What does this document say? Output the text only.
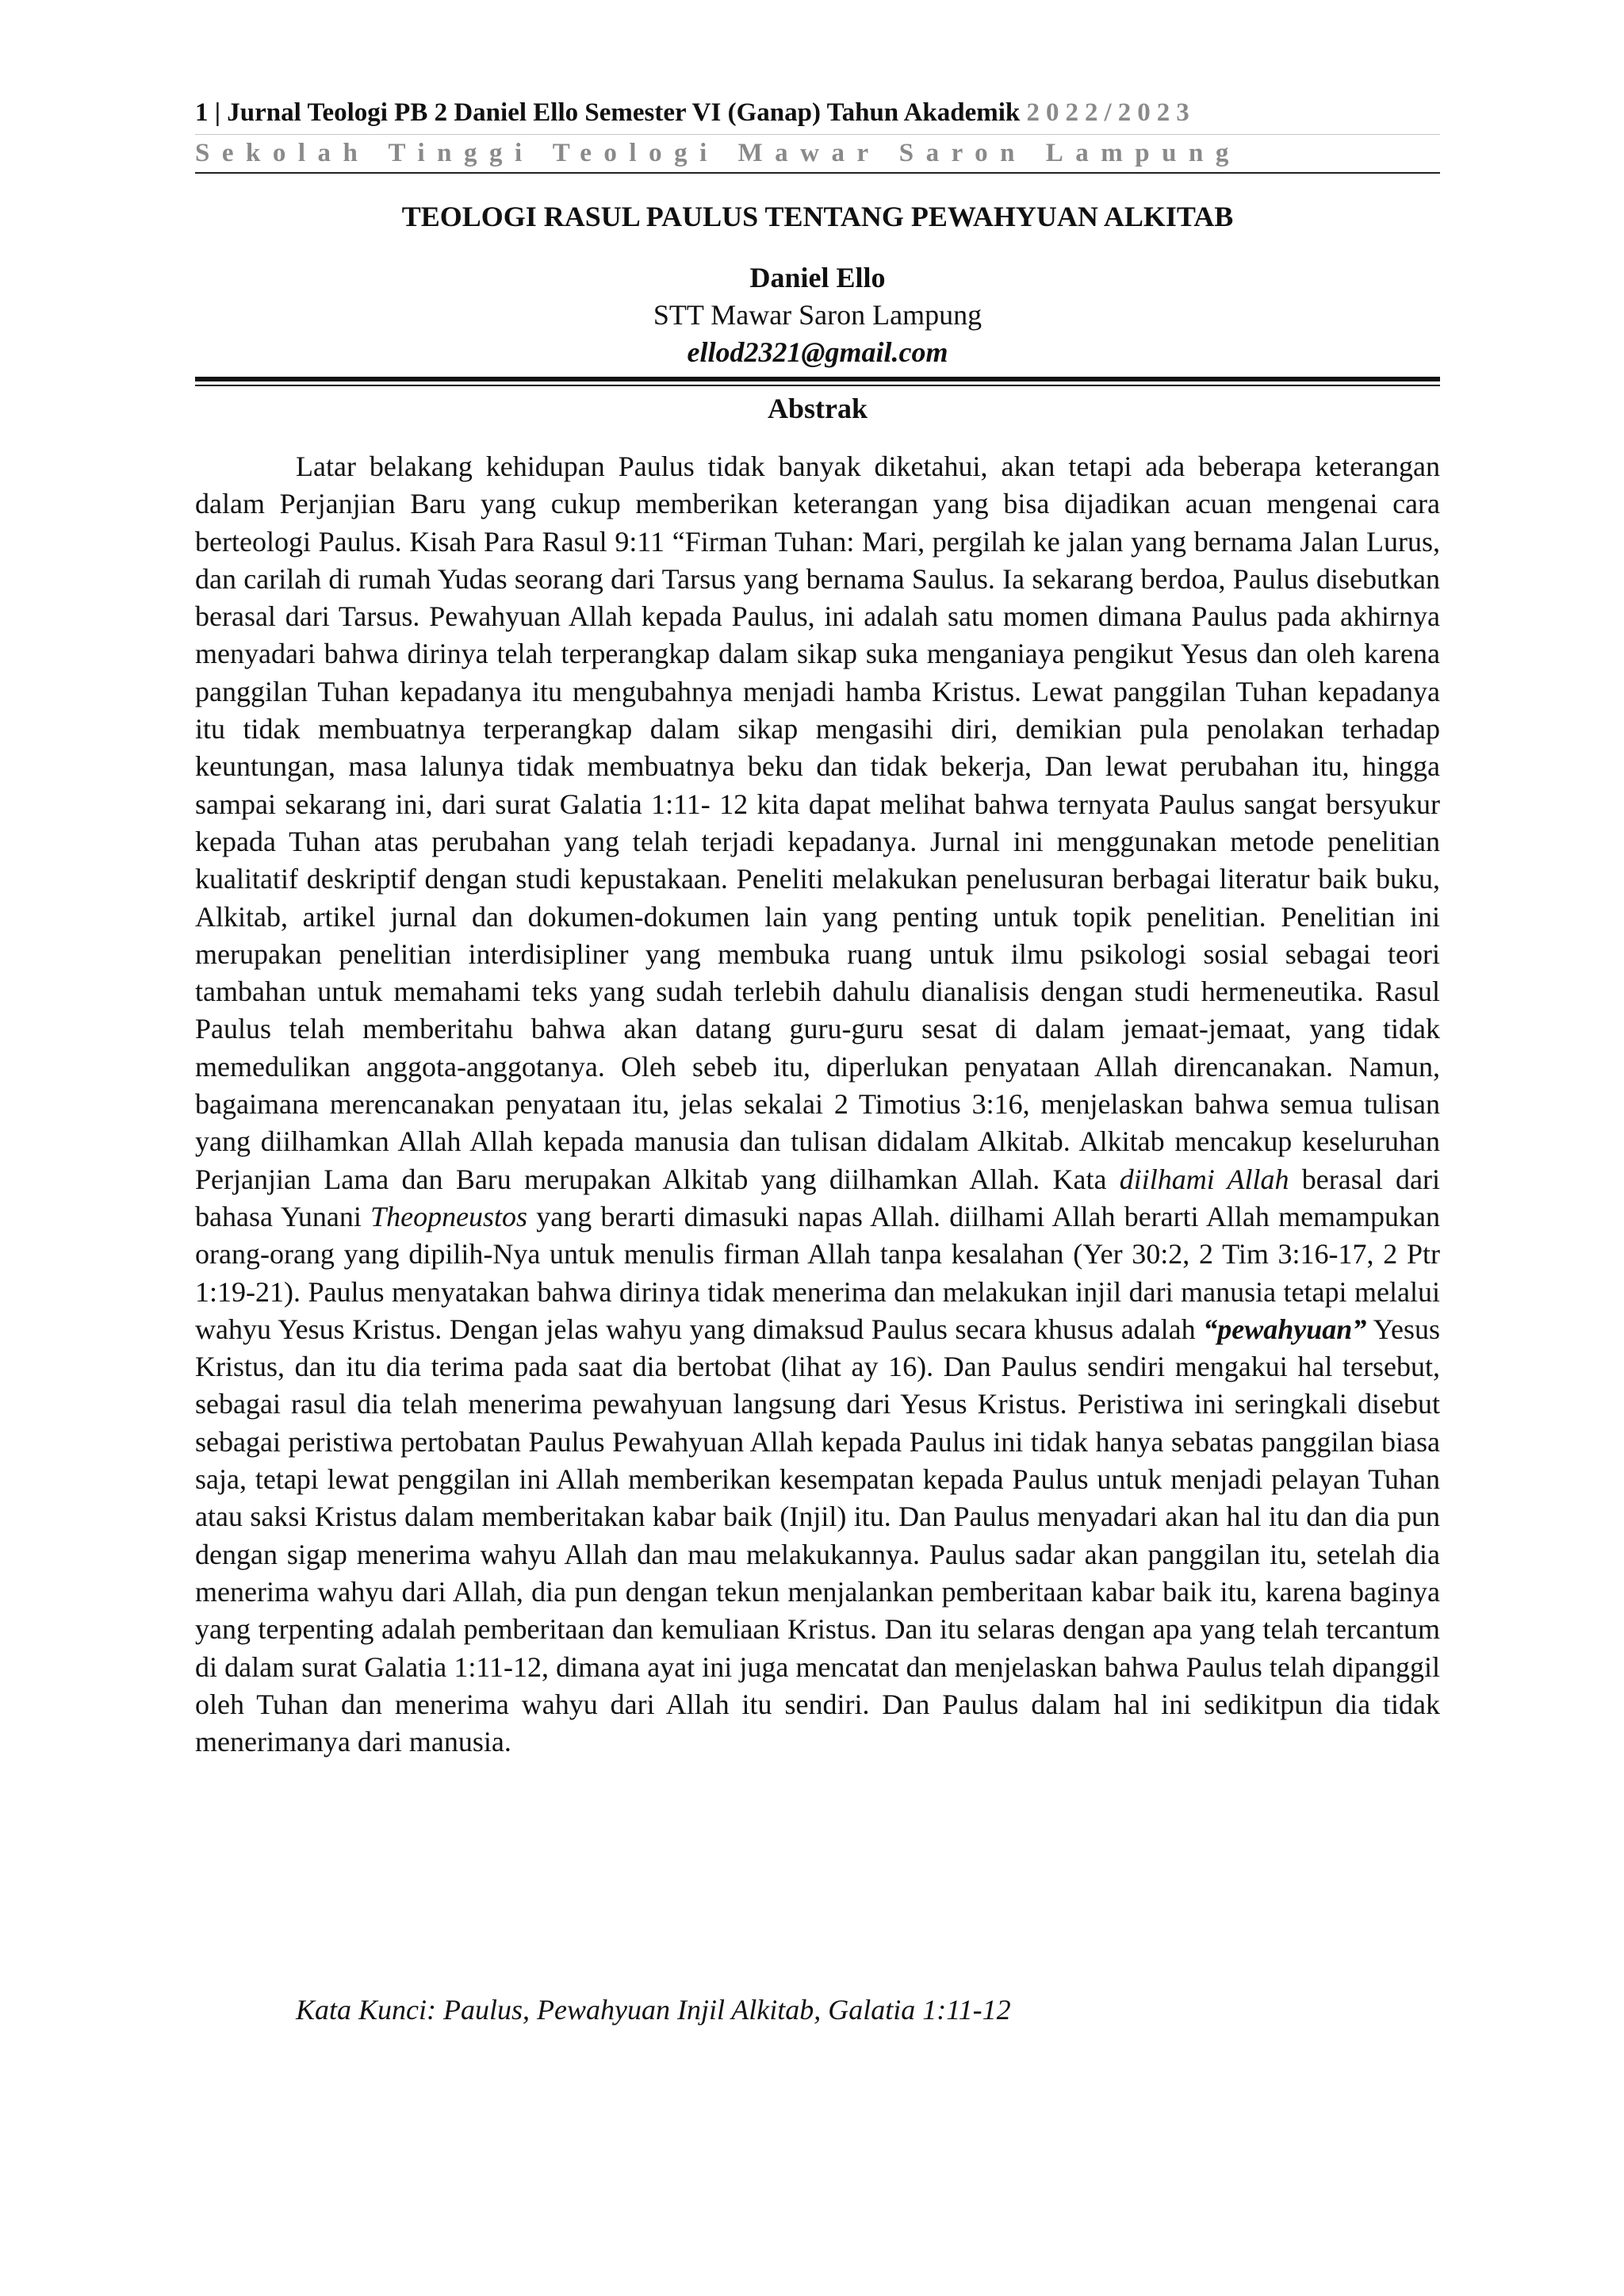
1 | Jurnal Teologi PB 2 Daniel Ello Semester VI (Ganap) Tahun Akademik 2022/2023
Sekolah Tinggi Teologi Mawar Saron Lampung
TEOLOGI RASUL PAULUS TENTANG PEWAHYUAN ALKITAB
Daniel Ello
STT Mawar Saron Lampung
ellod2321@gmail.com
Abstrak

Latar belakang kehidupan Paulus tidak banyak diketahui, akan tetapi ada beberapa keterangan dalam Perjanjian Baru yang cukup memberikan keterangan yang bisa dijadikan acuan mengenai cara berteologi Paulus. Kisah Para Rasul 9:11 “Firman Tuhan: Mari, pergilah ke jalan yang bernama Jalan Lurus, dan carilah di rumah Yudas seorang dari Tarsus yang bernama Saulus. Ia sekarang berdoa, Paulus disebutkan berasal dari Tarsus. Pewahyuan Allah kepada Paulus, ini adalah satu momen dimana Paulus pada akhirnya menyadari bahwa dirinya telah terperangkap dalam sikap suka menganiaya pengikut Yesus dan oleh karena panggilan Tuhan kepadanya itu mengubahnya menjadi hamba Kristus. Lewat panggilan Tuhan kepadanya itu tidak membuatnya terperangkap dalam sikap mengasihi diri, demikian pula penolakan terhadap keuntungan, masa lalunya tidak membuatnya beku dan tidak bekerja, Dan lewat perubahan itu, hingga sampai sekarang ini, dari surat Galatia 1:11- 12 kita dapat melihat bahwa ternyata Paulus sangat bersyukur kepada Tuhan atas perubahan yang telah terjadi kepadanya. Jurnal ini menggunakan metode penelitian kualitatif deskriptif dengan studi kepustakaan. Peneliti melakukan penelusuran berbagai literatur baik buku, Alkitab, artikel jurnal dan dokumen-dokumen lain yang penting untuk topik penelitian. Penelitian ini merupakan penelitian interdisipliner yang membuka ruang untuk ilmu psikologi sosial sebagai teori tambahan untuk memahami teks yang sudah terlebih dahulu dianalisis dengan studi hermeneutika. Rasul Paulus telah memberitahu bahwa akan datang guru-guru sesat di dalam jemaat-jemaat, yang tidak memedulikan anggota-anggotanya. Oleh sebeb itu, diperlukan penyataan Allah direncanakan. Namun, bagaimana merencanakan penyataan itu, jelas sekalai 2 Timotius 3:16, menjelaskan bahwa semua tulisan yang diilhamkan Allah Allah kepada manusia dan tulisan didalam Alkitab. Alkitab mencakup keseluruhan Perjanjian Lama dan Baru merupakan Alkitab yang diilhamkan Allah. Kata diilhami Allah berasal dari bahasa Yunani Theopneustos yang berarti dimasuki napas Allah. diilhami Allah berarti Allah memampukan orang-orang yang dipilih-Nya untuk menulis firman Allah tanpa kesalahan (Yer 30:2, 2 Tim 3:16-17, 2 Ptr 1:19-21). Paulus menyatakan bahwa dirinya tidak menerima dan melakukan injil dari manusia tetapi melalui wahyu Yesus Kristus. Dengan jelas wahyu yang dimaksud Paulus secara khusus adalah “pewahyuan” Yesus Kristus, dan itu dia terima pada saat dia bertobat (lihat ay 16). Dan Paulus sendiri mengakui hal tersebut, sebagai rasul dia telah menerima pewahyuan langsung dari Yesus Kristus. Peristiwa ini seringkali disebut sebagai peristiwa pertobatan Paulus Pewahyuan Allah kepada Paulus ini tidak hanya sebatas panggilan biasa saja, tetapi lewat penggilan ini Allah memberikan kesempatan kepada Paulus untuk menjadi pelayan Tuhan atau saksi Kristus dalam memberitakan kabar baik (Injil) itu. Dan Paulus menyadari akan hal itu dan dia pun dengan sigap menerima wahyu Allah dan mau melakukannya. Paulus sadar akan panggilan itu, setelah dia menerima wahyu dari Allah, dia pun dengan tekun menjalankan pemberitaan kabar baik itu, karena baginya yang terpenting adalah pemberitaan dan kemuliaan Kristus. Dan itu selaras dengan apa yang telah tercantum di dalam surat Galatia 1:11-12, dimana ayat ini juga mencatat dan menjelaskan bahwa Paulus telah dipanggil oleh Tuhan dan menerima wahyu dari Allah itu sendiri. Dan Paulus dalam hal ini sedikitpun dia tidak menerimanya dari manusia.

Kata Kunci: Paulus, Pewahyuan Injil Alkitab, Galatia 1:11-12
